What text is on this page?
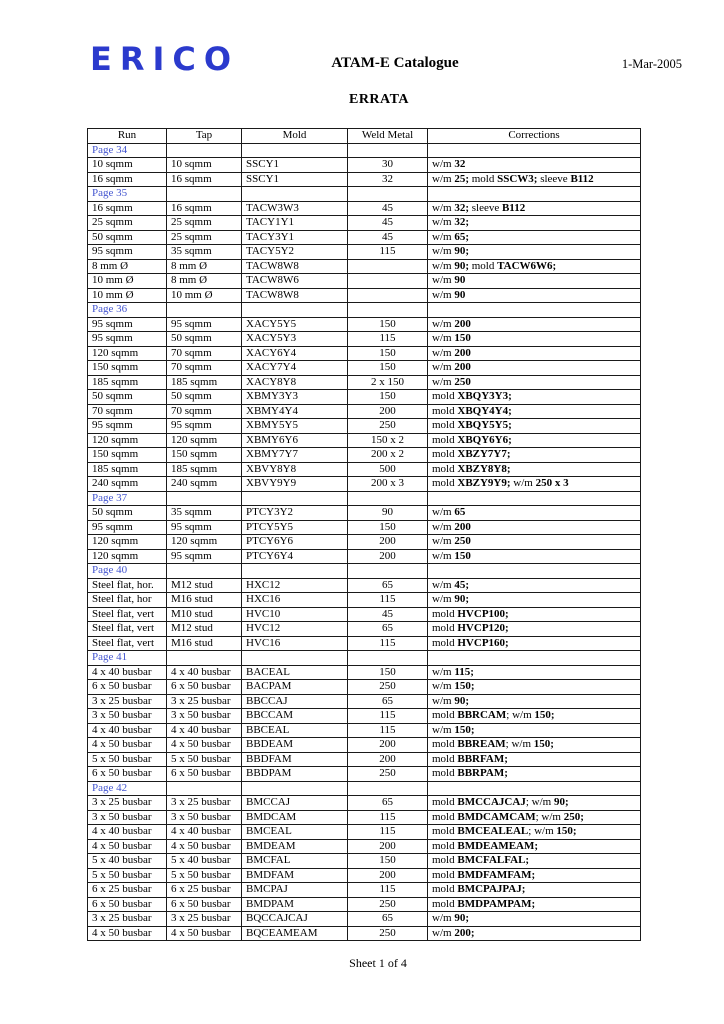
ERICO	ATAM-E Catalogue	1-Mar-2005
ERRATA
Run	Tap	Mold	Weld Metal	Corrections
Page 34				
10 sqmm	10 sqmm	SSCY1	30	w/m 32
16 sqmm	16 sqmm	SSCY1	32	w/m 25; mold SSCW3; sleeve B112
Page 35				
16 sqmm	16 sqmm	TACW3W3	45	w/m 32; sleeve B112
25 sqmm	25 sqmm	TACY1Y1	45	w/m 32;
50 sqmm	25 sqmm	TACY3Y1	45	w/m 65;
95 sqmm	35 sqmm	TACY5Y2	115	w/m 90;
8 mm Ø	8 mm Ø	TACW8W8		w/m 90; mold TACW6W6;
10 mm Ø	8 mm Ø	TACW8W6		w/m 90
10 mm Ø	10 mm Ø	TACW8W8		w/m 90
Page 36				
95 sqmm	95 sqmm	XACY5Y5	150	w/m 200
95 sqmm	50 sqmm	XACY5Y3	115	w/m 150
120 sqmm	70 sqmm	XACY6Y4	150	w/m 200
150 sqmm	70 sqmm	XACY7Y4	150	w/m 200
185 sqmm	185 sqmm	XACY8Y8	2 x 150	w/m 250
50 sqmm	50 sqmm	XBMY3Y3	150	mold XBQY3Y3;
70 sqmm	70 sqmm	XBMY4Y4	200	mold XBQY4Y4;
95 sqmm	95 sqmm	XBMY5Y5	250	mold XBQY5Y5;
120 sqmm	120 sqmm	XBMY6Y6	150 x 2	mold XBQY6Y6;
150 sqmm	150 sqmm	XBMY7Y7	200 x 2	mold XBZY7Y7;
185 sqmm	185 sqmm	XBVY8Y8	500	mold XBZY8Y8;
240 sqmm	240 sqmm	XBVY9Y9	200 x 3	mold XBZY9Y9; w/m 250 x 3
Page 37				
50 sqmm	35 sqmm	PTCY3Y2	90	w/m 65
95 sqmm	95 sqmm	PTCY5Y5	150	w/m 200
120 sqmm	120 sqmm	PTCY6Y6	200	w/m 250
120 sqmm	95 sqmm	PTCY6Y4	200	w/m 150
Page 40				
Steel flat, hor.	M12 stud	HXC12	65	w/m 45;
Steel flat, hor	M16 stud	HXC16	115	w/m 90;
Steel flat, vert	M10 stud	HVC10	45	mold HVCP100;
Steel flat, vert	M12 stud	HVC12	65	mold HVCP120;
Steel flat, vert	M16 stud	HVC16	115	mold HVCP160;
Page 41				
4 x 40 busbar	4 x 40 busbar	BACEAL	150	w/m 115;
6 x 50 busbar	6 x 50 busbar	BACPAM	250	w/m 150;
3 x 25 busbar	3 x 25 busbar	BBCCAJ	65	w/m 90;
3 x 50 busbar	3 x 50 busbar	BBCCAM	115	mold BBRCAM; w/m 150;
4 x 40 busbar	4 x 40 busbar	BBCEAL	115	w/m 150;
4 x 50 busbar	4 x 50 busbar	BBDEAM	200	mold BBREAM; w/m 150;
5 x 50 busbar	5 x 50 busbar	BBDFAM	200	mold BBRFAM;
6 x 50 busbar	6 x 50 busbar	BBDPAM	250	mold BBRPAM;
Page 42				
3 x 25 busbar	3 x 25 busbar	BMCCAJ	65	mold BMCCAJCAJ; w/m 90;
3 x 50 busbar	3 x 50 busbar	BMDCAM	115	mold BMDCAMCAM; w/m 250;
4 x 40 busbar	4 x 40 busbar	BMCEAL	115	mold BMCEALEAL; w/m 150;
4 x 50 busbar	4 x 50 busbar	BMDEAM	200	mold BMDEAMEAM;
5 x 40 busbar	5 x 40 busbar	BMCFAL	150	mold BMCFALFAL;
5 x 50 busbar	5 x 50 busbar	BMDFAM	200	mold BMDFAMFAM;
6 x 25 busbar	6 x 25 busbar	BMCPAJ	115	mold BMCPAJPAJ;
6 x 50 busbar	6 x 50 busbar	BMDPAM	250	mold BMDPAMPAM;
3 x 25 busbar	3 x 25 busbar	BQCCAJCAJ	65	w/m 90;
4 x 50 busbar	4 x 50 busbar	BQCEAMEAM	250	w/m 200;
Sheet 1 of 4
